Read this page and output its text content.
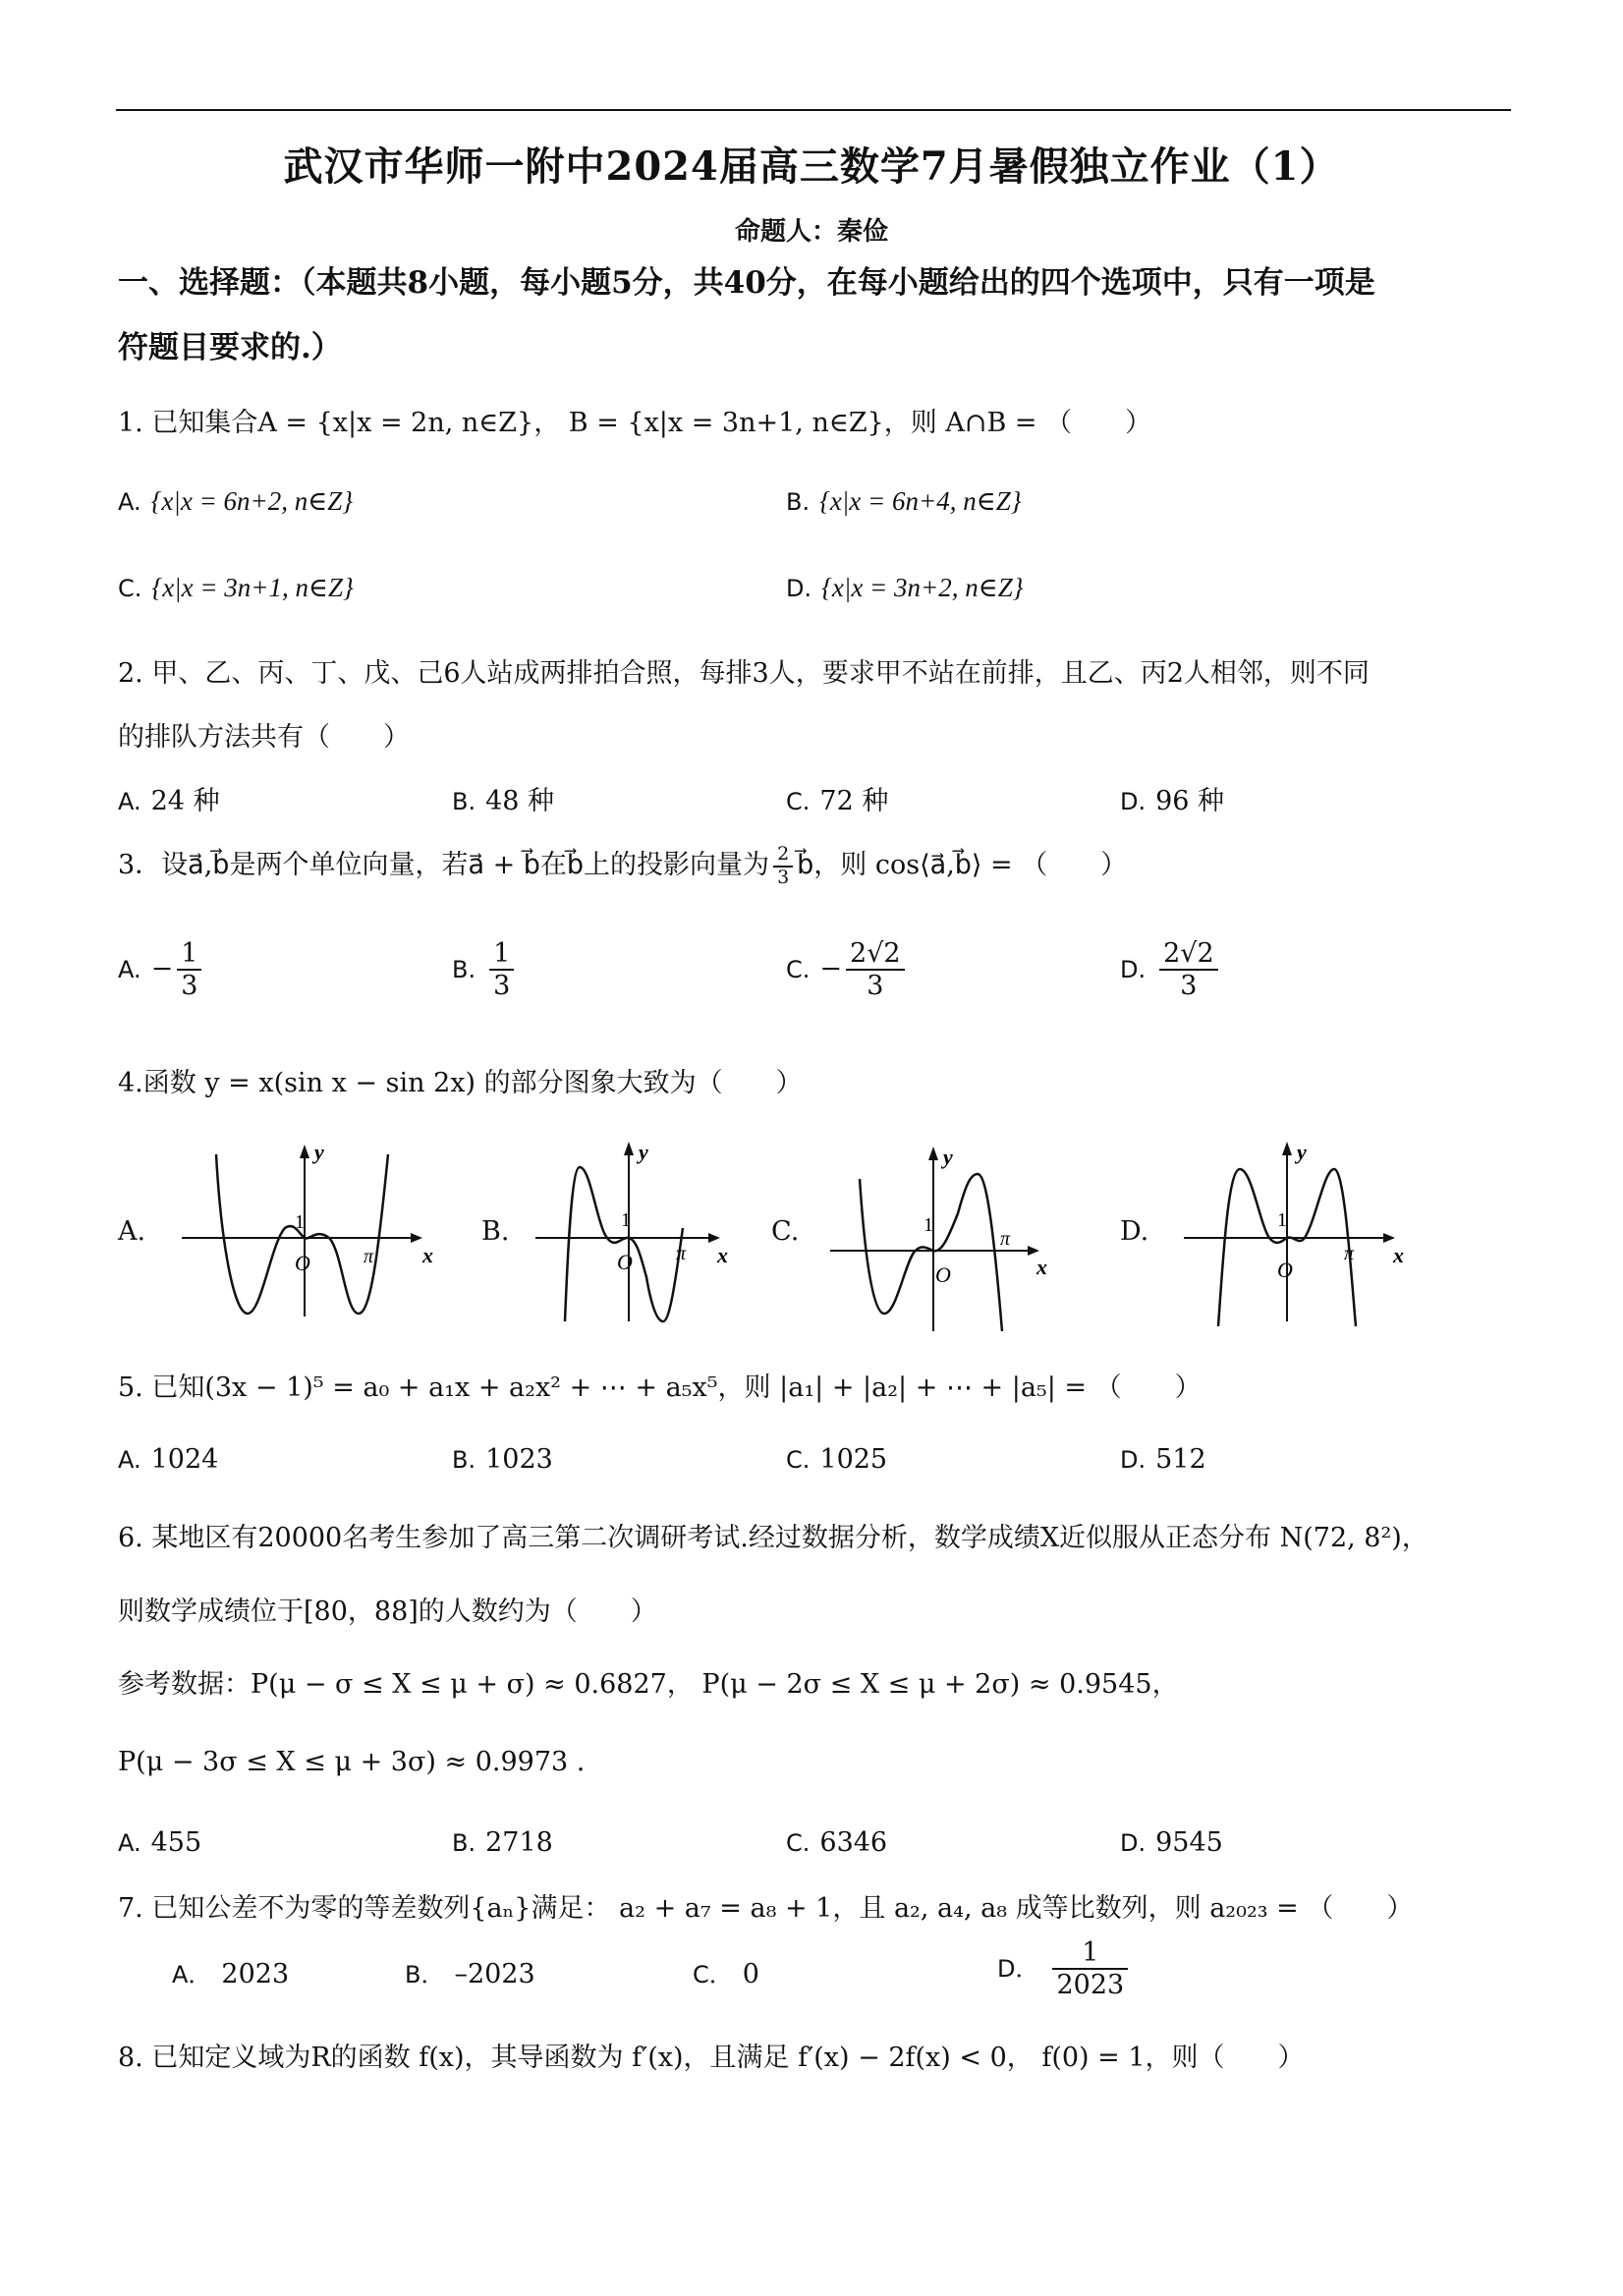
武汉市华师一附中2024届高三数学7月暑假独立作业（1）
命题人：秦俭
一、选择题：（本题共8小题，每小题5分，共40分，在每小题给出的四个选项中，只有一项是
符题目要求的.）
1. 已知集合A = {x|x = 2n, n∈Z}， B = {x|x = 3n+1, n∈Z}，则 A∩B = （　　）
A. {x|x = 6n+2, n∈Z}	B. {x|x = 6n+4, n∈Z}
C. {x|x = 3n+1, n∈Z}	D. {x|x = 3n+2, n∈Z}
2. 甲、乙、丙、丁、戊、己6人站成两排拍合照，每排3人，要求甲不站在前排，且乙、丙2人相邻，则不同
的排队方法共有（　　）
A. 24 种	B. 48 种	C. 72 种	D. 96 种
3．设a⃗,b⃗是两个单位向量，若a⃗ + b⃗在b⃗上的投影向量为 $\frac{2}{3}$ b⃗，则 cos⟨a⃗,b⃗⟩ = （　　）
A. − $\frac{1}{3}$	B. $\frac{1}{3}$	C. − $\frac{2√2}{3}$	D. $\frac{2√2}{3}$
4.函数 y = x(sin x − sin 2x) 的部分图象大致为（　　）
A.	B.	C.	D.
y
x
1
O	π
y
x
1
O π
y
x
1
O
π
y
x
1
O
π
5. 已知(3x − 1)⁵ = a₀ + a₁x + a₂x² + ⋯ + a₅x⁵，则 |a₁| + |a₂| + ⋯ + |a₅| = （　　）
A. 1024	B. 1023	C. 1025	D. 512
6. 某地区有20000名考生参加了高三第二次调研考试.经过数据分析，数学成绩X近似服从正态分布 N(72, 8²)，
则数学成绩位于[80，88]的人数约为（　　）
参考数据：P(μ − σ ≤ X ≤ μ + σ) ≈ 0.6827， P(μ − 2σ ≤ X ≤ μ + 2σ) ≈ 0.9545，
P(μ − 3σ ≤ X ≤ μ + 3σ) ≈ 0.9973 .
A. 455	B. 2718	C. 6346	D. 9545
7. 已知公差不为零的等差数列{aₙ}满足： a₂ + a₇ = a₈ + 1，且 a₂, a₄, a₈ 成等比数列，则 a₂₀₂₃ = （　　）
A． 2023	B． –2023	C． 0	D． $\frac{1}{2023}$
8. 已知定义域为R的函数 f(x)，其导函数为 f′(x)，且满足 f′(x) − 2f(x) < 0， f(0) = 1，则（　　）
